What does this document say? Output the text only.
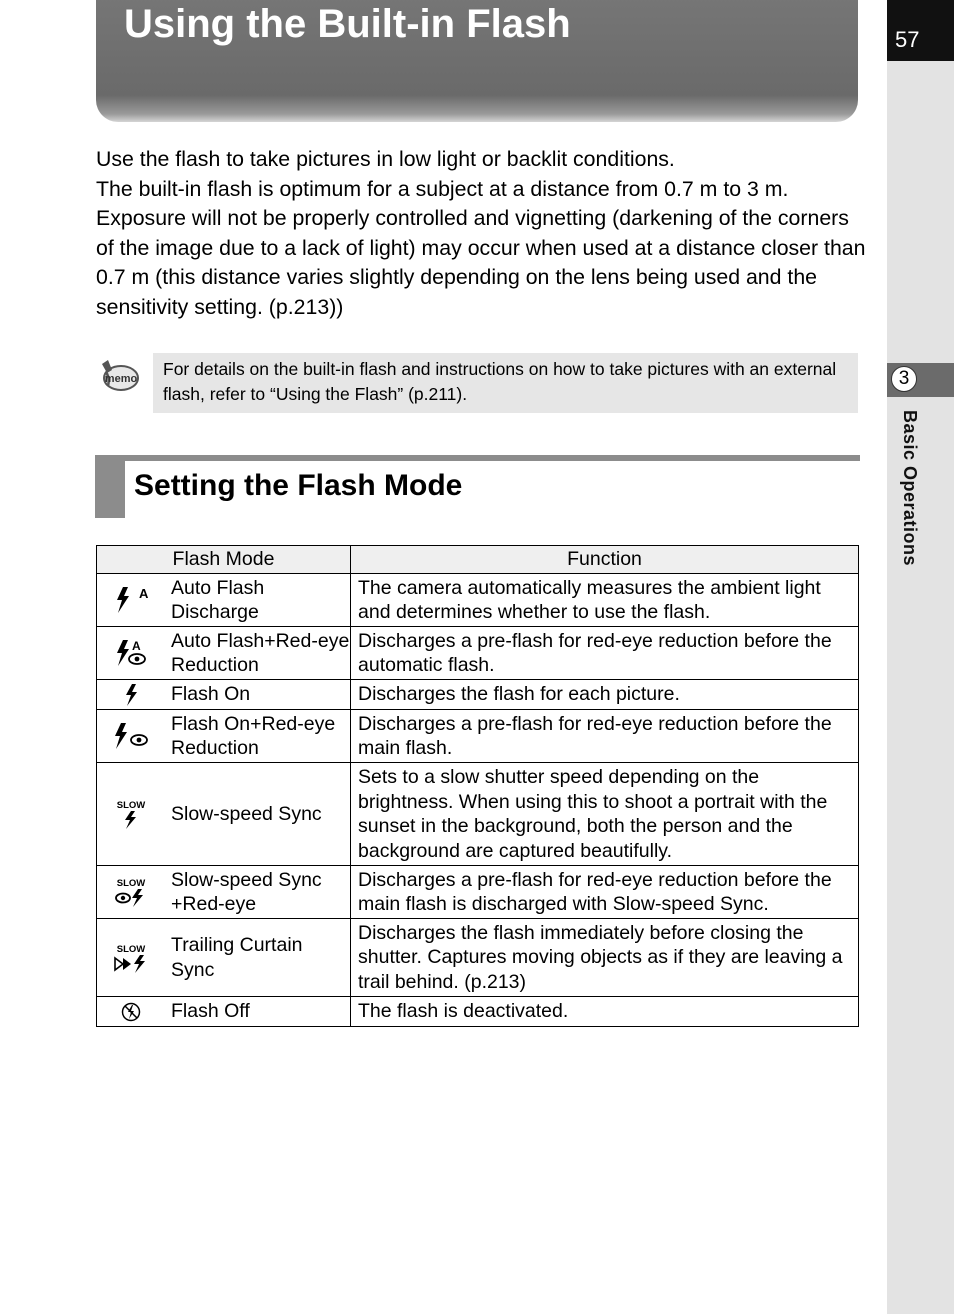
57
3
Basic Operations
Using the Built-in Flash

Use the flash to take pictures in low light or backlit conditions.

The built-in flash is optimum for a subject at a distance from 0.7 m to 3 m. Exposure will not be properly controlled and vignetting (darkening of the corners of the image due to a lack of light) may occur when used at a distance closer than 0.7 m (this distance varies slightly depending on the lens being used and the sensitivity setting. (p.213))

memo	For details on the built-in flash and instructions on how to take pictures with an external flash, refer to “Using the Flash” (p.211).
Setting the Flash Mode
Flash Mode	Function

A Auto Flash Discharge	The camera automatically measures the ambient light and determines whether to use the flash.

A Auto Flash+Red-eye Reduction	Discharges a pre-flash for red-eye reduction before the automatic flash.

Flash On	Discharges the flash for each picture.

Flash On+Red-eye Reduction	Discharges a pre-flash for red-eye reduction before the main flash.

SLOW Slow-speed Sync	Sets to a slow shutter speed depending on the brightness. When using this to shoot a portrait with the sunset in the background, both the person and the background are captured beautifully.

SLOW Slow-speed Sync +Red-eye	Discharges a pre-flash for red-eye reduction before the main flash is discharged with Slow-speed Sync.

SLOW Trailing Curtain Sync	Discharges the flash immediately before closing the shutter. Captures moving objects as if they are leaving a trail behind. (p.213)

Flash Off	The flash is deactivated.
